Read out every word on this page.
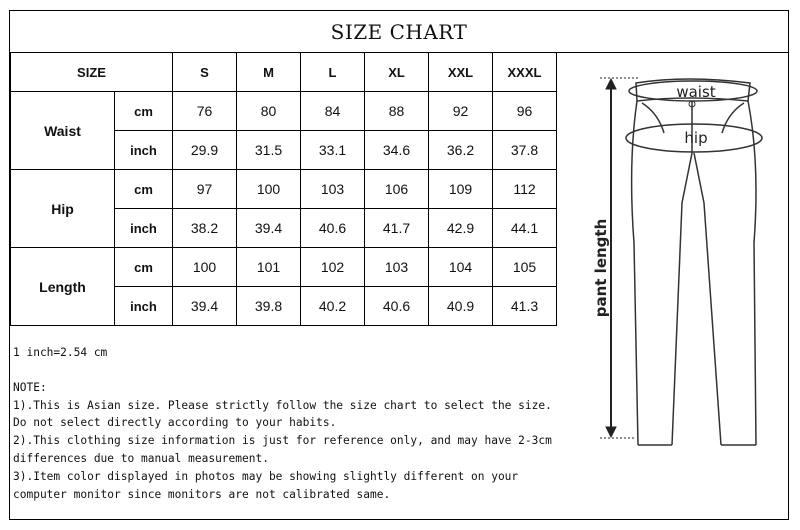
SIZE CHART
SIZE		S	M	L	XL	XXL	XXXL
Waist	cm	76	80	84	88	92	96
	inch	29.9	31.5	33.1	34.6	36.2	37.8
Hip	cm	97	100	103	106	109	112
	inch	38.2	39.4	40.6	41.7	42.9	44.1
Length	cm	100	101	102	103	104	105
	inch	39.4	39.8	40.2	40.6	40.9	41.3
1 inch=2.54 cm
NOTE:
1).This is Asian size. Please strictly follow the size chart to select the size.
Do not select directly according to your habits.
2).This clothing size information is just for reference only, and may have 2-3cm
differences due to manual measurement.
3).Item color displayed in photos may be showing slightly different on your
computer monitor since monitors are not calibrated same.
pant length
waist
hip
